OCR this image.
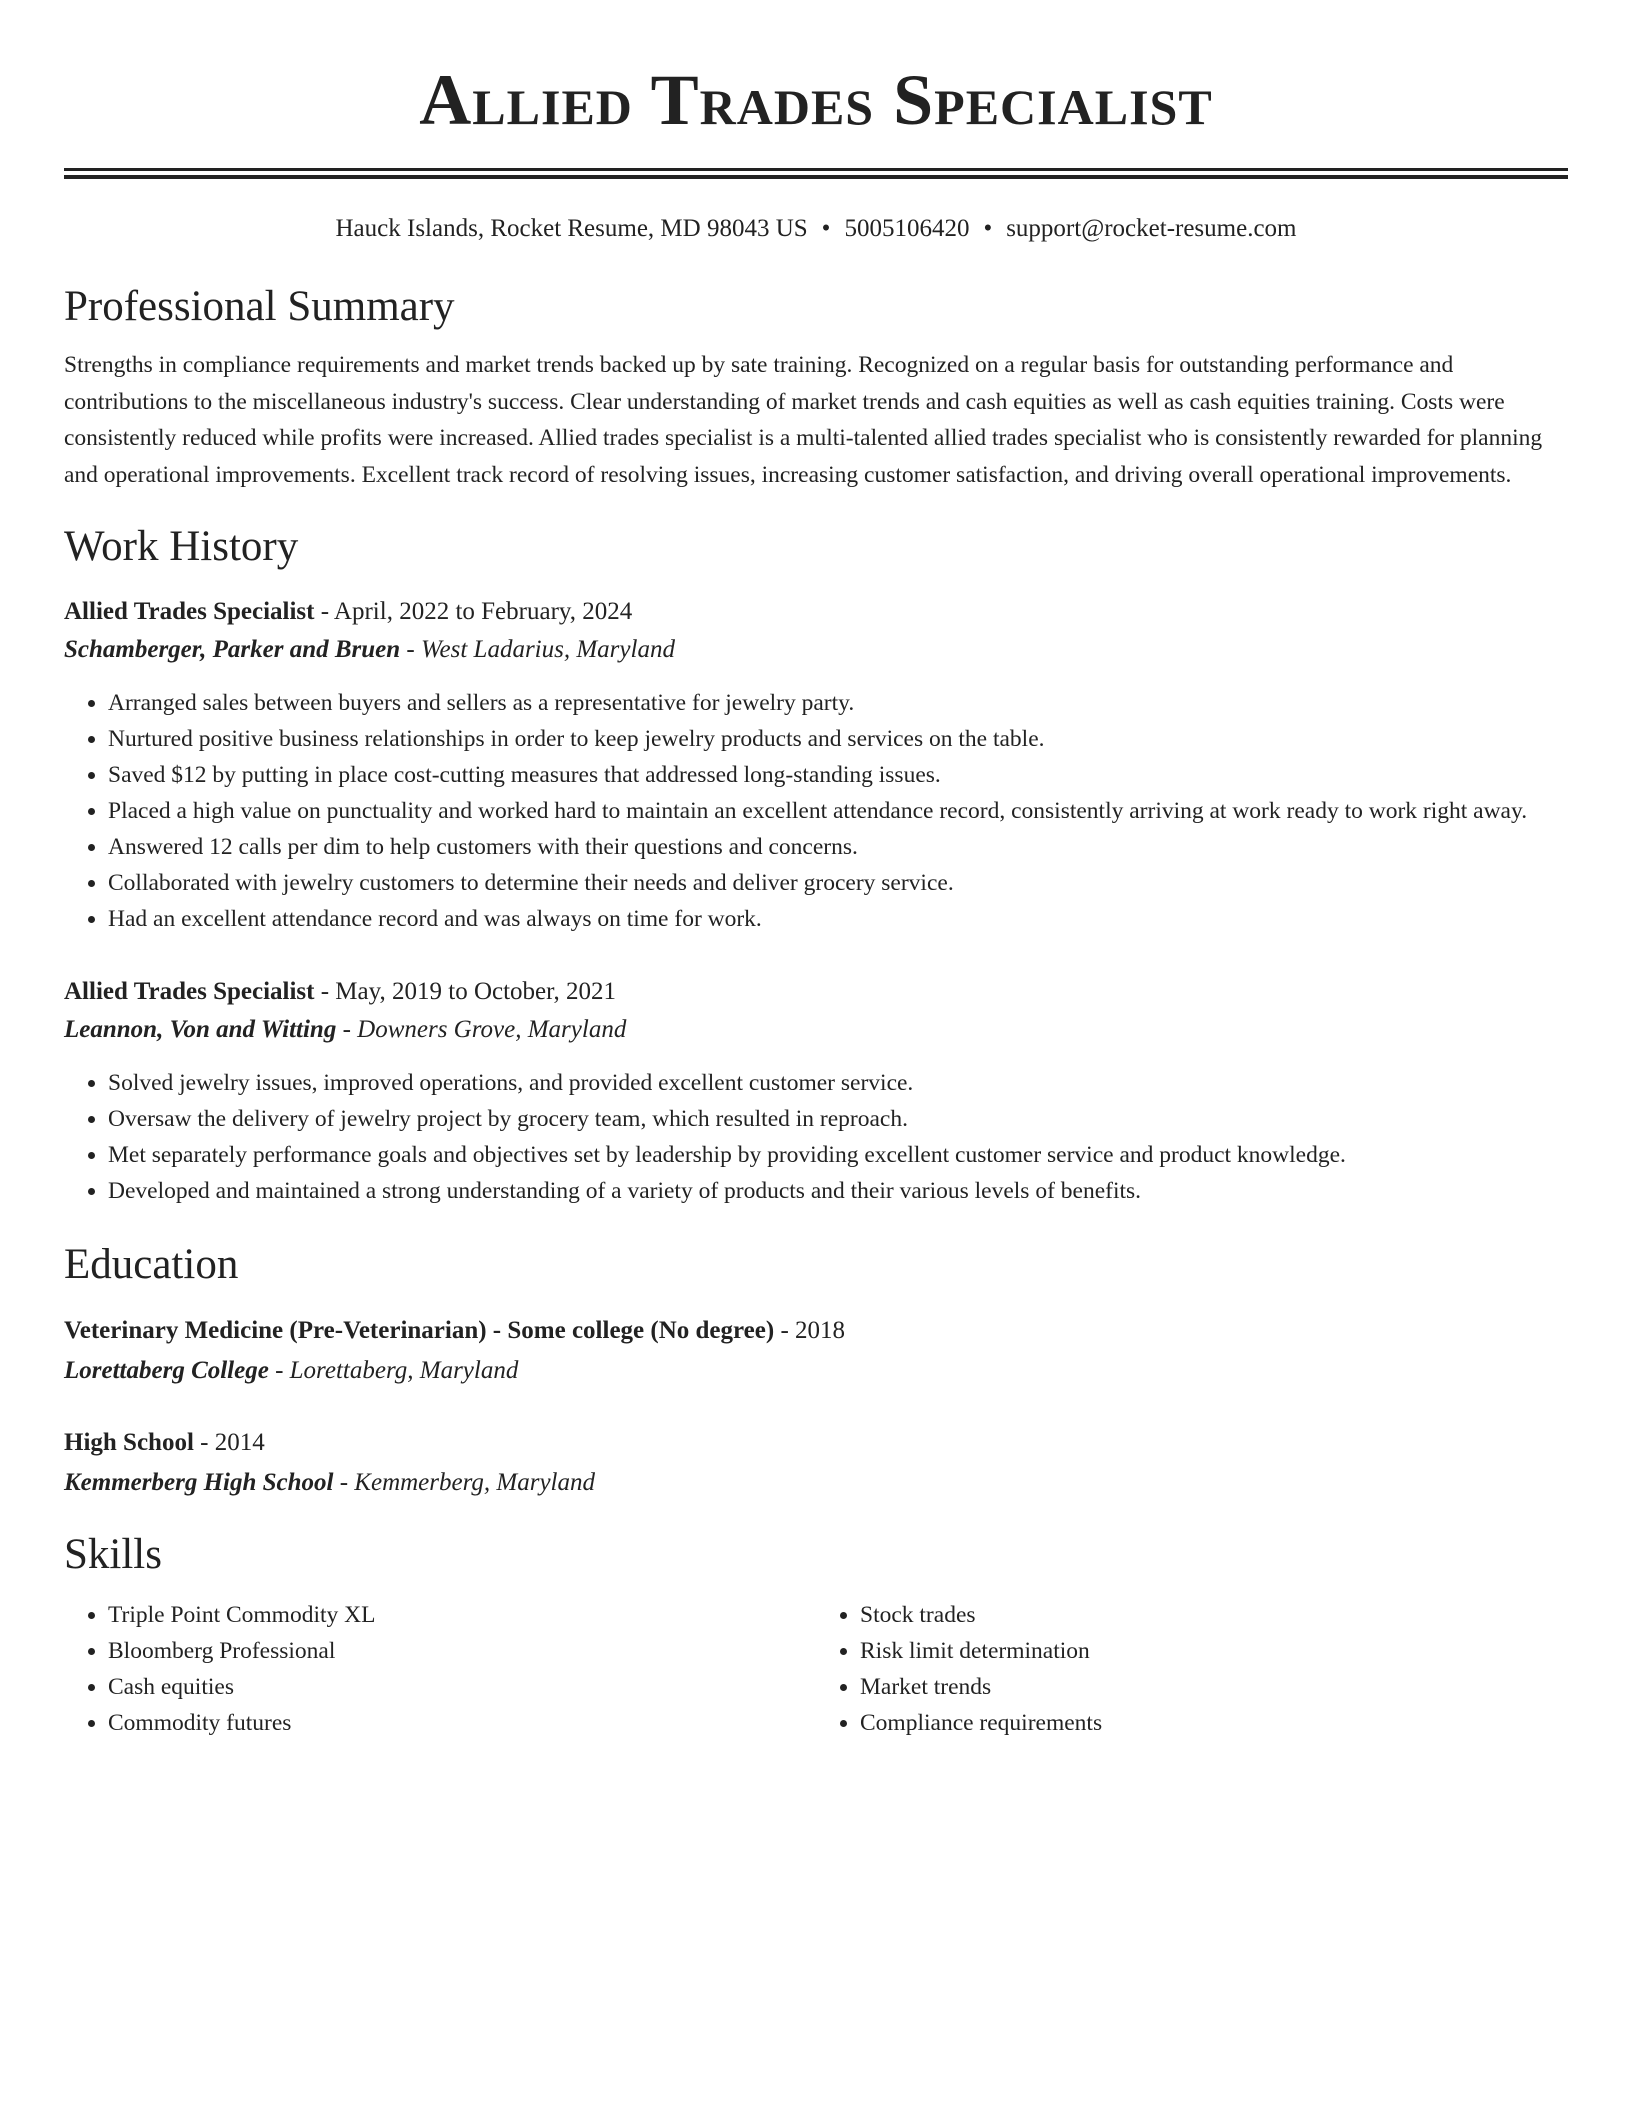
Allied Trades Specialist
Hauck Islands, Rocket Resume, MD 98043 US • 5005106420 • support@rocket-resume.com
Professional Summary
Strengths in compliance requirements and market trends backed up by sate training. Recognized on a regular basis for outstanding performance and contributions to the miscellaneous industry's success. Clear understanding of market trends and cash equities as well as cash equities training. Costs were consistently reduced while profits were increased. Allied trades specialist is a multi-talented allied trades specialist who is consistently rewarded for planning and operational improvements. Excellent track record of resolving issues, increasing customer satisfaction, and driving overall operational improvements.
Work History
Allied Trades Specialist - April, 2022 to February, 2024
Schamberger, Parker and Bruen - West Ladarius, Maryland
• Arranged sales between buyers and sellers as a representative for jewelry party.
• Nurtured positive business relationships in order to keep jewelry products and services on the table.
• Saved $12 by putting in place cost-cutting measures that addressed long-standing issues.
• Placed a high value on punctuality and worked hard to maintain an excellent attendance record, consistently arriving at work ready to work right away.
• Answered 12 calls per dim to help customers with their questions and concerns.
• Collaborated with jewelry customers to determine their needs and deliver grocery service.
• Had an excellent attendance record and was always on time for work.
Allied Trades Specialist - May, 2019 to October, 2021
Leannon, Von and Witting - Downers Grove, Maryland
• Solved jewelry issues, improved operations, and provided excellent customer service.
• Oversaw the delivery of jewelry project by grocery team, which resulted in reproach.
• Met separately performance goals and objectives set by leadership by providing excellent customer service and product knowledge.
• Developed and maintained a strong understanding of a variety of products and their various levels of benefits.
Education
Veterinary Medicine (Pre-Veterinarian) - Some college (No degree) - 2018
Lorettaberg College - Lorettaberg, Maryland
High School - 2014
Kemmerberg High School - Kemmerberg, Maryland
Skills
• Triple Point Commodity XL
• Bloomberg Professional
• Cash equities
• Commodity futures
• Stock trades
• Risk limit determination
• Market trends
• Compliance requirements
